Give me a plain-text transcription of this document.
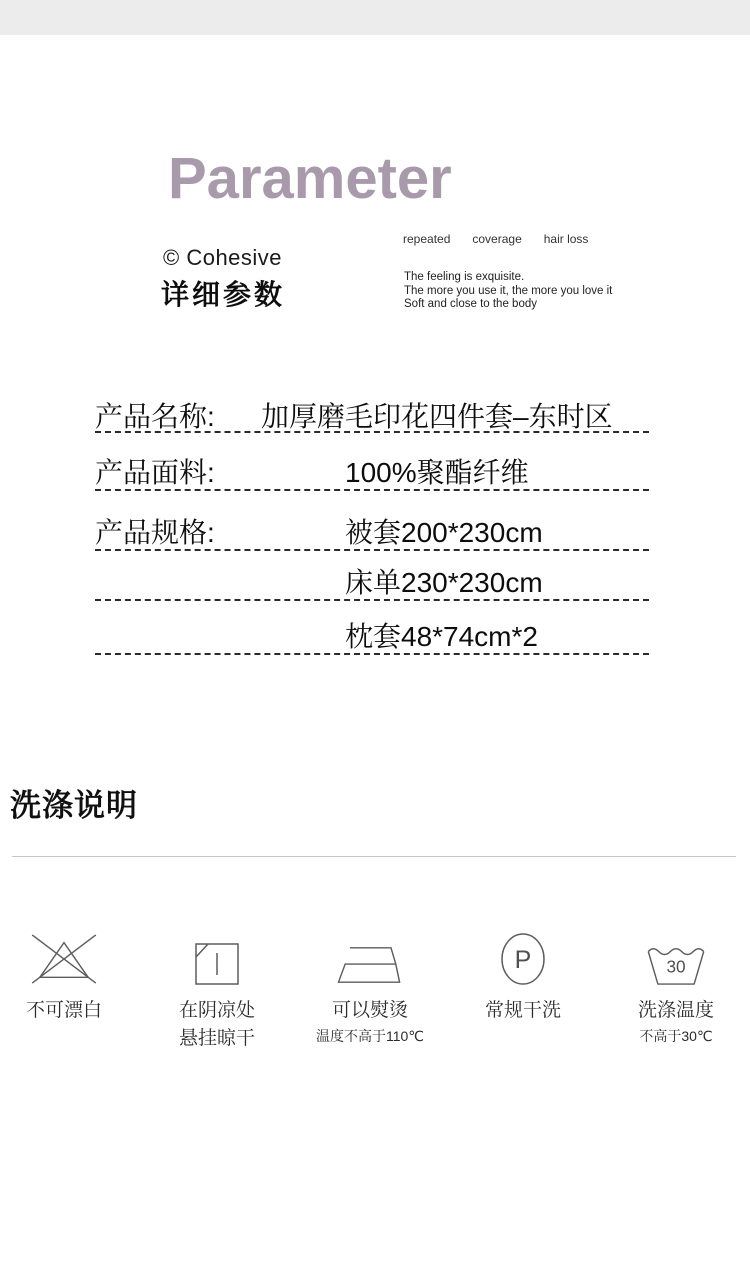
Parameter
© Cohesive
详细参数
repeated coverage hair loss
The feeling is exquisite.
The more you use it, the more you love it
Soft and close to the body
产品名称:	加厚磨毛印花四件套–东时区
产品面料:	100%聚酯纤维
产品规格:	被套200*230cm
床单230*230cm
枕套48*74cm*2
洗涤说明
不可漂白	在阴凉处
悬挂晾干
可以熨烫
温度不高于110℃
P
常规干洗
30
洗涤温度
不高于30℃
